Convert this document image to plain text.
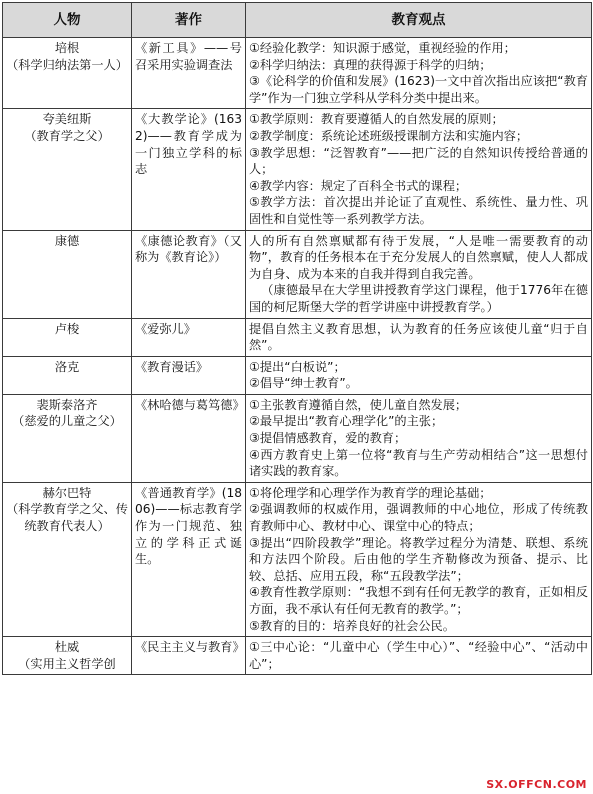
人物	著作	教育观点

培根
（科学归纳法第一人）	《新工具》——号召采用实验调查法	①经验化教学：知识源于感觉，重视经验的作用；
②科学归纳法：真理的获得源于科学的归纳；
③《论科学的价值和发展》(1623)一文中首次指出应该把“教育学”作为一门独立学科从学科分类中提出来。

夸美纽斯
（教育学之父）	《大教学论》(1632)——教育学成为一门独立学科的标志	①教学原则：教育要遵循人的自然发展的原则；
②教学制度：系统论述班级授课制方法和实施内容；
③教学思想：“泛智教育”——把广泛的自然知识传授给普通的人；
④教学内容：规定了百科全书式的课程；
⑤教学方法：首次提出并论证了直观性、系统性、量力性、巩固性和自觉性等一系列教学方法。

康德	《康德论教育》（又称为《教育论》）	人的所有自然禀赋都有待于发展，“人是唯一需要教育的动物”，教育的任务根本在于充分发展人的自然禀赋，使人人都成为自身、成为本来的自我并得到自我完善。
（康德最早在大学里讲授教育学这门课程，他于1776年在德国的柯尼斯堡大学的哲学讲座中讲授教育学。）

卢梭	《爱弥儿》	提倡自然主义教育思想，认为教育的任务应该使儿童“归于自然”。

洛克	《教育漫话》	①提出“白板说”；
②倡导“绅士教育”。

裴斯泰洛齐
（慈爱的儿童之父）	《林哈德与葛笃德》	①主张教育遵循自然，使儿童自然发展；
②最早提出“教育心理学化”的主张；
③提倡情感教育，爱的教育；
④西方教育史上第一位将“教育与生产劳动相结合”这一思想付诸实践的教育家。

赫尔巴特
（科学教育学之父、传统教育代表人）	《普通教育学》(1806)——标志教育学作为一门规范、独立的学科正式诞生。	①将伦理学和心理学作为教育学的理论基础；
②强调教师的权威作用，强调教师的中心地位，形成了传统教育教师中心、教材中心、课堂中心的特点；
③提出“四阶段教学”理论。将教学过程分为清楚、联想、系统和方法四个阶段。后由他的学生齐勒修改为预备、提示、比较、总括、应用五段，称“五段教学法”；
④教育性教学原则：“我想不到有任何无教学的教育，正如相反方面，我不承认有任何无教育的教学。”；
⑤教育的目的：培养良好的社会公民。

杜威
（实用主义哲学创	《民主主义与教育》	①三中心论：“儿童中心（学生中心）”、“经验中心”、“活动中心”；
SX.OFFCN.COM
